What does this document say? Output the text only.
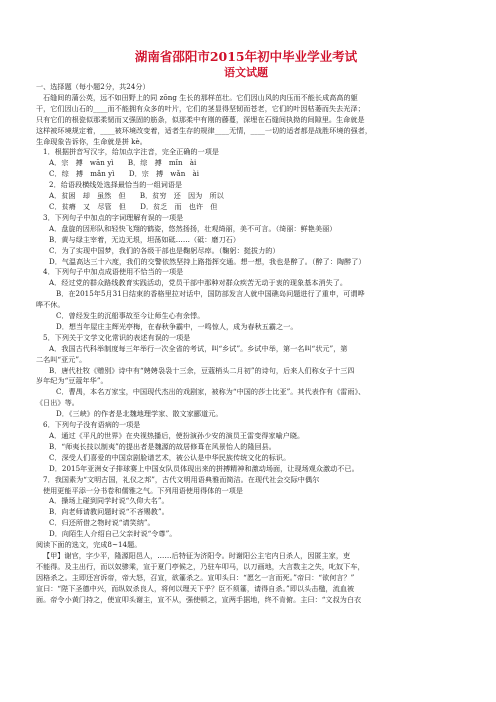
湖南省邵阳市2015年初中毕业学业考试
语文试题

一、选择题（每小题2分，共24分）

石缝间的蒲公英，远不如田野上的同 zōng 生长的那样茁壮。它们因山风的肉压而不能长成高高的躯

干，它们因山石的____而不能拥有众多的叶片，它们的茎显得坚韧而苍老，它们的叶因枯萎而失去光泽；

只有它们的根瓷似那柔韧而又强固的筋条，似那柔中有刚的藤蔓，深埋在石缝间执拗的间隙里。生命就是

这样被环境规定着，____被环境改变着，适者生存的规律____无情，____一切的适者都是战胜环境的强者，

生命现象告诉你，生命就是拼 kè。

1．根据拼音写汉字，给加点字注音，完全正确的一项是

A．宗　搏　wān yì　　B．综　搏　mǐn　ài

C．综　搏　mǎn yì　　D．宗　搏　wǎn　ài

2．给语段横线处选择最恰当的一组词语是

A．贫困　却　虽然　但　　B．贫穷　还　因为　所以

C．贫瘠　又　尽管　但　　D．贫乏　而　也许　但

3．下列句子中加点的字词理解有误的一项是

A．盘旋的因形队和轻快飞翔的鹤姿，悠然扬扬，壮观绮丽，美不可言。（绮丽：鲜艳美丽）

B．黄与绿主宰着，无边无垠，坦荡如砥……（砥：磨刀石）

C．为了实现中国梦，我们的各级干部也是鞠躬尽瘁。（鞠躬：挺拔力的）

D．气温高达三十六度，我们的交警依然坚持上路指挥交通。想一想，我也是醉了。（醉了：陶醉了）

4．下列句子中加点成语使用不恰当的一项是

A．经过党的群众路线教育实践活动，党员干部中那种对群众疾苦无动于衷的现象基本消失了。

B．在2015年5月31日结束的香格里拉对话中，国防部发言人就中国礁岛问题进行了重申，可谓哗

哗不休。

C．曾经发生的沉船事故至今让师生心有余悸。

D．想当年屋庄主辉光亭梅，在春秋争霸中，一鸣惊人，成为春秋五霸之一。

5．下列关于文学文化常识的表述有误的一项是

A．我国古代科举制度每三年举行一次全省的考试，叫“乡试”。乡试中举，第一名叫“状元”，第

二名叫“亚元”。

B．唐代杜牧《赠别》诗中有“娉娉袅袅十三余，豆蔻梢头二月初”的诗句，后来人们称女子十三四

岁年纪为“豆蔻年华”。

C．曹禺，本名万家宝，中国现代杰出的戏剧家，被称为“中国的莎士比亚”。其代表作有《雷雨》、

《日出》等。

D．《三峡》的作者是北魏地理学家、散文家郦道元。

6．下列句子没有语病的一项是

A．通过《平凡的世界》在央视热播后，使扮演孙少安的演员王雷变得家喻户晓。

B．“师夷长技以制夷”的提出者是魏源的故居修葺在风景怡人的隆回县。

C．深受人们喜爱的中国京剧脸谱艺术，被公认是中华民族传统文化的标识。

D．2015年亚洲女子排球赛上中国女队员体现出来的拼搏精神和激动场面，让现场观众激动不已。

7．我国素为“文明古国，礼仪之邦”，古代文明用语典雅而简洁。在现代社会交际中偶尔

使用更能平添一分书卷和儒雅之气。下列用语使用得体的一项是

A．操场上碰到同学时说“久仰大名”。

B．向老师请教问题时说“不吝赐教”。

C．归还所借之物时说“请笑纳”。

D．向陌生人介绍自己父亲时说“令尊”。

阅读下面的选文，完成8~14题。

【甲】谢官，字少平，隆源阳邑人，……后特征为济阳令。时谢阳公主宅内日杀人，因匿主家，吏

不能得。及主出行，而以奴骖乘，宣于夏门亭候之，乃驻车叩马，以刀画地，大言数主之失，叱奴下车，

因格杀之。主即还宫诉帝，帝大怒，召宣，欲箠杀之。宣叩头曰：“愿乞一言而死。”帝曰：“欲何言？”

宣曰：“陛下圣德中兴，而纵奴杀良人，将何以理天下乎？臣不须箠，请得自杀。”即以头击楹，流血被

面。帝令小黄门持之，使宣叩头谢主，宣不从，强使顿之，宣两手据地，终不肯俯。主曰：“文叔为白衣
